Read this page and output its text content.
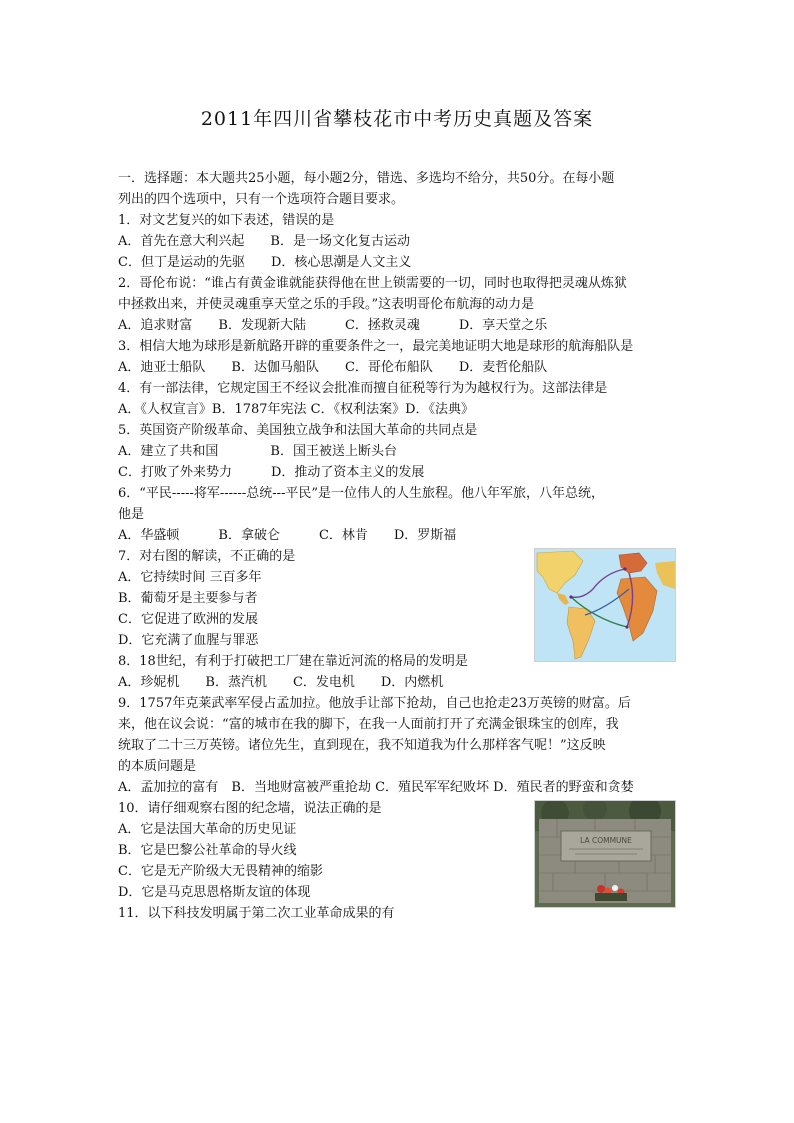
2011年四川省攀枝花市中考历史真题及答案
一．选择题：本大题共25小题，每小题2分，错选、多选均不给分，共50分。在每小题
列出的四个选项中，只有一个选项符合题目要求。
1．对文艺复兴的如下表述，错误的是
A．首先在意大利兴起　　B．是一场文化复古运动
C．但丁是运动的先驱　　D．核心思潮是人文主义
2．哥伦布说：“谁占有黄金谁就能获得他在世上锁需要的一切，同时也取得把灵魂从炼狱
中拯救出来，并使灵魂重享天堂之乐的手段。”这表明哥伦布航海的动力是
A．追求财富　　B．发现新大陆　　　C．拯救灵魂　　　D．享天堂之乐
3．相信大地为球形是新航路开辟的重要条件之一，最完美地证明大地是球形的航海船队是
A．迪亚士船队　　B．达伽马船队　　C．哥伦布船队　　D．麦哲伦船队
4．有一部法律，它规定国王不经议会批准而擅自征税等行为为越权行为。这部法律是
A．《人权宣言》B．1787年宪法 C．《权利法案》D．《法典》
5．英国资产阶级革命、美国独立战争和法国大革命的共同点是
A．建立了共和国　　　　B．国王被送上断头台
C．打败了外来势力　　　D．推动了资本主义的发展
6．“平民-----将军------总统---平民”是一位伟人的人生旅程。他八年军旅，八年总统，
他是
A．华盛顿　　　B．拿破仑　　　C．林肯　　D．罗斯福
7．对右图的解读，不正确的是
A．它持续时间 三百多年
B．葡萄牙是主要参与者
C．它促进了欧洲的发展
D．它充满了血腥与罪恶
8．18世纪，有利于打破把工厂建在靠近河流的格局的发明是
A．珍妮机　　B．蒸汽机　　C．发电机　　D．内燃机
9．1757年克莱武率军侵占孟加拉。他放手让部下抢劫，自己也抢走23万英镑的财富。后
来，他在议会说：“富的城市在我的脚下，在我一人面前打开了充满金银珠宝的创库，我
统取了二十三万英镑。诸位先生，直到现在，我不知道我为什么那样客气呢！”这反映
的本质问题是
A．孟加拉的富有　B．当地财富被严重抢劫 C．殖民军军纪败坏 D．殖民者的野蛮和贪婪
10．请仔细观察右图的纪念墙，说法正确的是
A．它是法国大革命的历史见证
B．它是巴黎公社革命的导火线
C．它是无产阶级大无畏精神的缩影
D．它是马克思恩格斯友谊的体现
11．以下科技发明属于第二次工业革命成果的有
LA COMMUNE
